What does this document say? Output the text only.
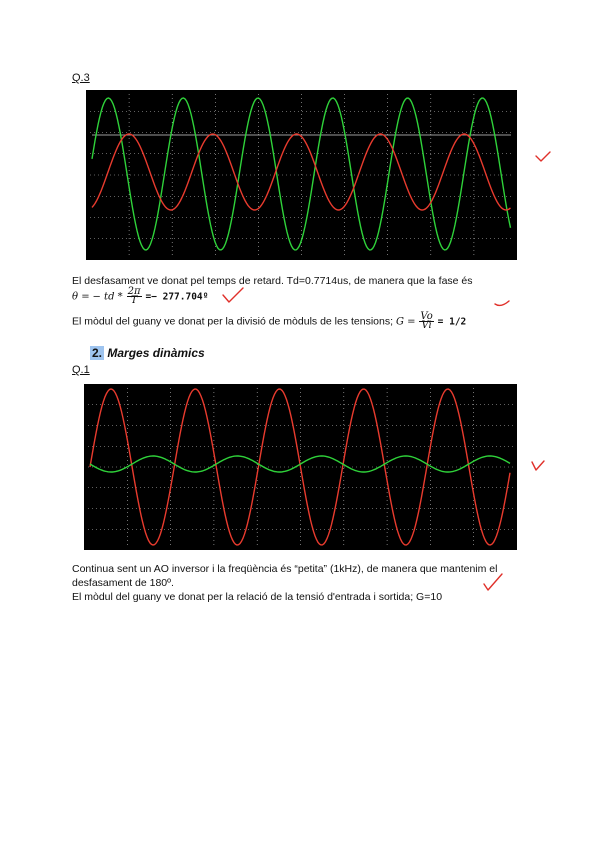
Q.3
El desfasament ve donat pel temps de retard. Td=0.7714us, de manera que la fase és
θ = − td * $\frac{2\pi}{T}$ =− 277.704º
El mòdul del guany ve donat per la divisió de mòduls de les tensions; $G = \frac{Vo}{Vi} = 1/2$
2. Marges dinàmics
Q.1
Continua sent un AO inversor i la freqüència és “petita” (1kHz), de manera que mantenim el desfasament de 180º.
El mòdul del guany ve donat per la relació de la tensió d'entrada i sortida; G=10
